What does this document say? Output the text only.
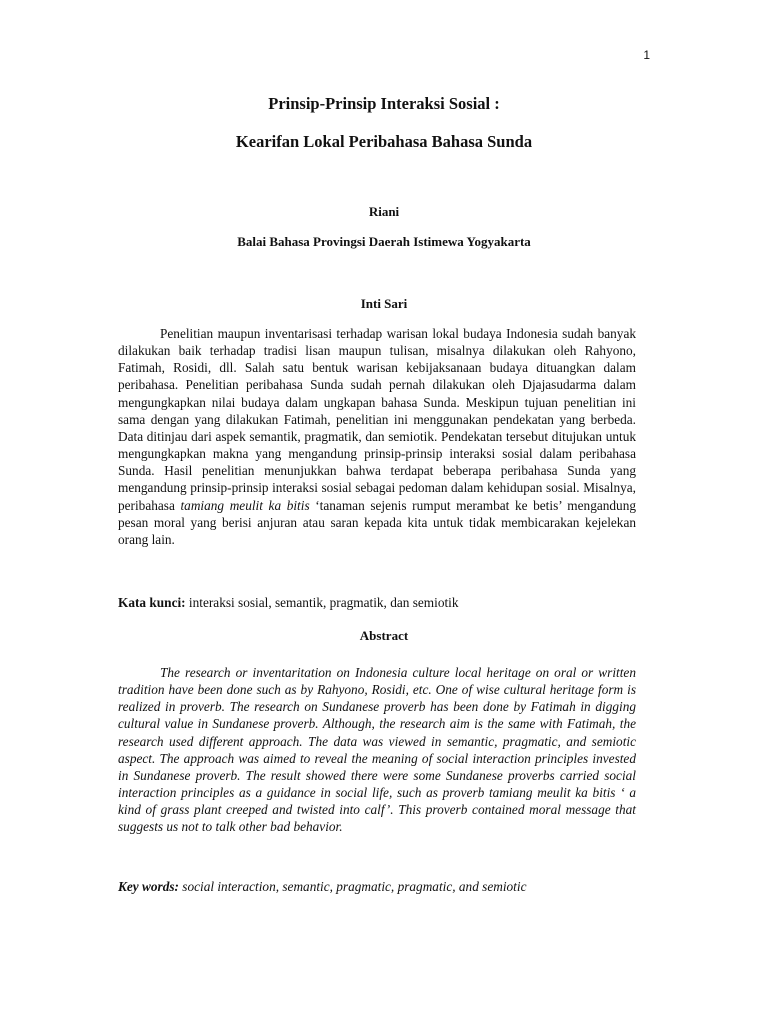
1
Prinsip-Prinsip Interaksi Sosial :
Kearifan Lokal Peribahasa Bahasa Sunda
Riani
Balai Bahasa Provingsi Daerah Istimewa Yogyakarta
Inti Sari

Penelitian maupun inventarisasi terhadap warisan lokal budaya Indonesia sudah banyak dilakukan baik terhadap tradisi lisan maupun tulisan, misalnya dilakukan oleh Rahyono, Fatimah, Rosidi, dll. Salah satu bentuk warisan kebijaksanaan budaya dituangkan dalam peribahasa. Penelitian peribahasa Sunda sudah pernah dilakukan oleh Djajasudarma dalam mengungkapkan nilai budaya dalam ungkapan bahasa Sunda. Meskipun tujuan penelitian ini sama dengan yang dilakukan Fatimah, penelitian ini menggunakan pendekatan yang berbeda. Data ditinjau dari aspek semantik, pragmatik, dan semiotik. Pendekatan tersebut ditujukan untuk mengungkapkan makna yang mengandung prinsip-prinsip interaksi sosial dalam peribahasa Sunda. Hasil penelitian menunjukkan bahwa terdapat beberapa peribahasa Sunda yang mengandung prinsip-prinsip interaksi sosial sebagai pedoman dalam kehidupan sosial. Misalnya, peribahasa tamiang meulit ka bitis ‘tanaman sejenis rumput merambat ke betis’ mengandung pesan moral yang berisi anjuran atau saran kepada kita untuk tidak membicarakan kejelekan orang lain.

Kata kunci: interaksi sosial, semantik, pragmatik, dan semiotik

Abstract

The research or inventaritation on Indonesia culture local heritage on oral or written tradition have been done such as by Rahyono, Rosidi, etc. One of wise cultural heritage form is realized in proverb. The research on Sundanese proverb has been done by Fatimah in digging cultural value in Sundanese proverb. Although, the research aim is the same with Fatimah, the research used different approach. The data was viewed in semantic, pragmatic, and semiotic aspect. The approach was aimed to reveal the meaning of social interaction principles invested in Sundanese proverb. The result showed there were some Sundanese proverbs carried social interaction principles as a guidance in social life, such as proverb tamiang meulit ka bitis ‘ a kind of grass plant creeped and twisted into calf’. This proverb contained moral message that suggests us not to talk other bad behavior.

Key words: social interaction, semantic, pragmatic, pragmatic, and semiotic
